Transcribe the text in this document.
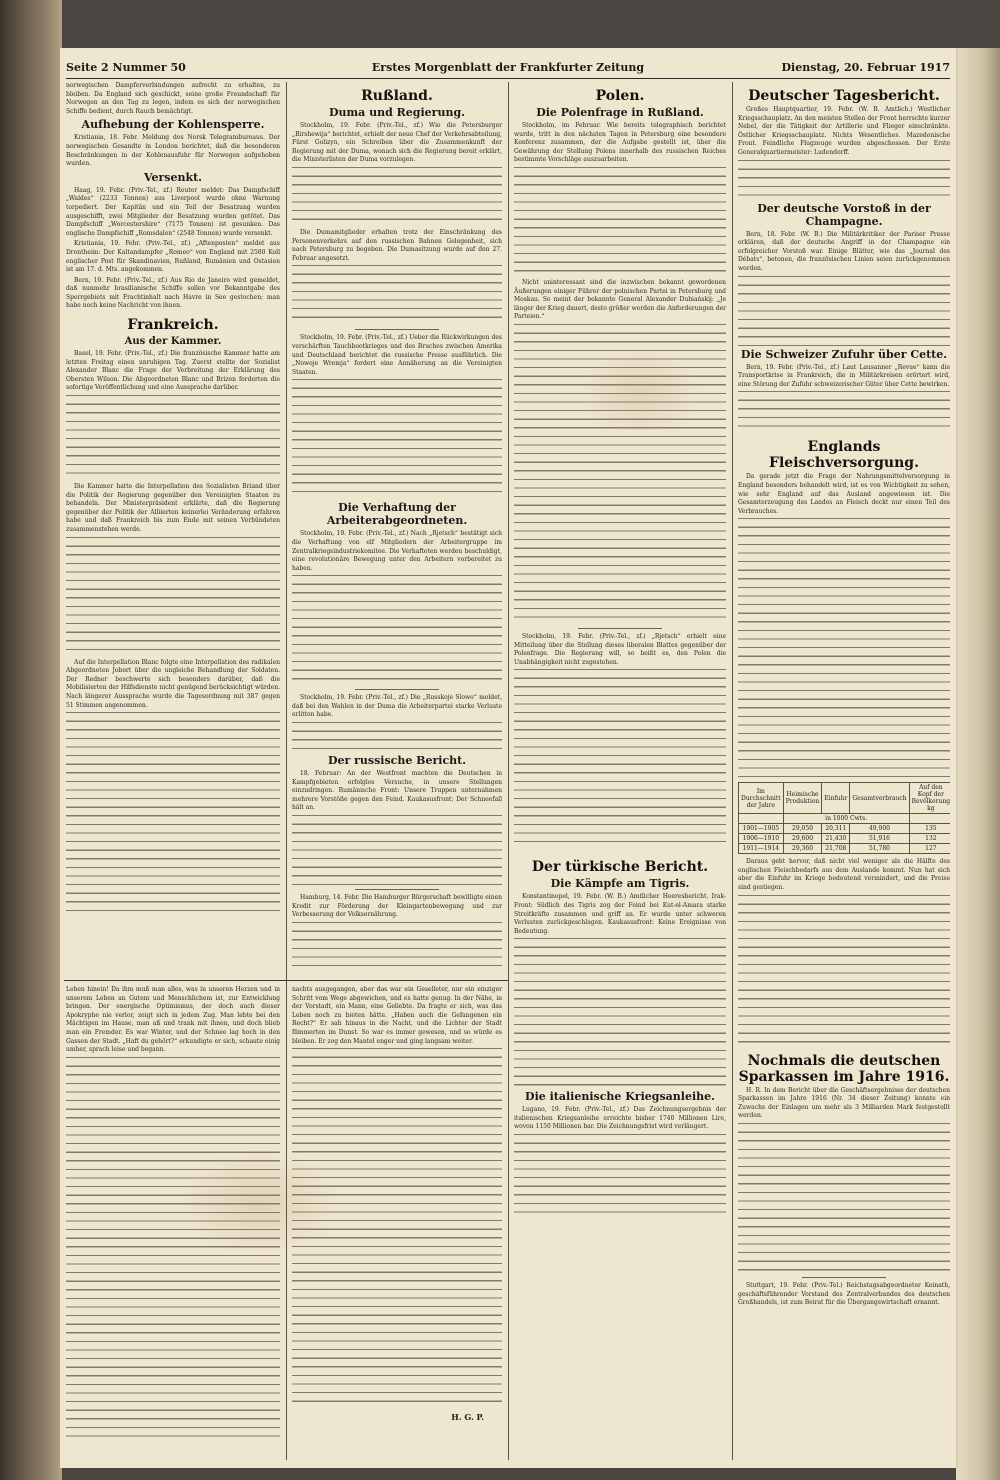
Seite 2 Nummer 50	Erstes Morgenblatt der Frankfurter Zeitung	Dienstag, 20. Februar 1917

norwegischen Dampferverbindungen aufrecht zu erhalten, zu bleiben. Da England sich geschickt, seine große Freundschaft für Norwegen an den Tag zu legen, indem es sich der norwegischen Schiffe bedient, durch Rauch bemächtigt.

Aufhebung der Kohlensperre.

Kristiania, 18. Febr. Meldung des Norsk Telegrambureaus. Der norwegischen Gesandte in London berichtet, daß die besonderen Beschränkungen in der Kohlenausfuhr für Norwegen aufgehoben wurden.

Versenkt.

Haag, 19. Febr. (Priv.-Tel., zf.) Reuter meldet: Das Dampfschiff „Waldes“ (2233 Tonnen) aus Liverpool wurde ohne Warnung torpediert. Der Kapitän und ein Teil der Besatzung wurden ausgeschifft, zwei Mitglieder der Besatzung wurden getötet. Das Dampfschiff „Worcestershire“ (7175 Tonnen) ist gesunken. Das englische Dampfschiff „Romsdalen“ (2548 Tonnen) wurde versenkt.

Kristiania, 19. Febr. (Priv.-Tel., zf.) „Aftenposten“ meldet aus Drontheim: Der Kaltandampfer „Romeo“ von England mit 2580 Koll englischer Post für Skandinavien, Rußland, Rumänien und Ostasien ist am 17. d. Mts. angekommen.

Bern, 19. Febr. (Priv.-Tel., zf.) Aus Rio de Janeiro wird gemeldet, daß nunmehr brasilianische Schiffe sollen vor Bekanntgabe des Sperrgebiets mit Frachtinhalt nach Havre in See gestochen; man habe noch keine Nachricht von ihnen.

Frankreich.
Aus der Kammer.

Basel, 19. Febr. (Priv.-Tel., zf.) Die französische Kammer hatte am letzten Freitag einen unruhigen Tag. Zuerst stellte der Sozialist Alexander Blanc die Frage der Verbreitung der Erklärung des Obersten Wilson. Die Abgeordneten Blanc und Brizon forderten die sofortige Veröffentlichung und eine Aussprache darüber.

Die Kammer hatte die Interpellation des Sozialisten Briand über die Politik der Regierung gegenüber den Vereinigten Staaten zu behandeln. Der Ministerpräsident erklärte, daß die Regierung gegenüber der Politik der Alliierten keinerlei Veränderung erfahren habe und daß Frankreich bis zum Ende mit seinen Verbündeten zusammenstehen werde.

Auf die Interpellation Blanc folgte eine Interpellation des radikalen Abgeordneten Jobert über die ungleiche Behandlung der Soldaten. Der Redner beschwerte sich besonders darüber, daß die Mobilisierten der Hilfsdienste nicht genügend berücksichtigt würden. Nach längerer Aussprache wurde die Tagesordnung mit 387 gegen 51 Stimmen angenommen.

Rußland.
Duma und Regierung.

Stockholm, 19. Febr. (Priv.-Tel., zf.) Wie die Petersburger „Birshewija“ berichtet, erhielt der neue Chef der Verkehrsabteilung, Fürst Golizyn, ein Schreiben über die Zusammenkunft der Regierung mit der Duma, wonach sich die Regierung bereit erklärt, die Ministerlisten der Duma vorzulegen.

Die Dumamitglieder erhalten trotz der Einschränkung des Personenverkehrs auf den russischen Bahnen Gelegenheit, sich nach Petersburg zu begeben. Die Dumasitzung wurde auf den 27. Februar angesetzt.

Stockholm, 19. Febr. (Priv.-Tel., zf.) Ueber die Rückwirkungen des verschärften Tauchbootkrieges und des Bruches zwischen Amerika und Deutschland berichtet die russische Presse ausführlich. Die „Nowoje Wremja“ fordert eine Annäherung an die Vereinigten Staaten.

Die Verhaftung der Arbeiterabgeordneten.

Stockholm, 19. Febr. (Priv.-Tel., zf.) Nach „Rjetsch“ bestätigt sich die Verhaftung von elf Mitgliedern der Arbeitergruppe im Zentralkriegsindustriekomitee. Die Verhafteten werden beschuldigt, eine revolutionäre Bewegung unter den Arbeitern vorbereitet zu haben.

Stockholm, 19. Febr. (Priv.-Tel., zf.) Die „Russkoje Slowo“ meldet, daß bei den Wahlen in der Duma die Arbeiterpartei starke Verluste erlitten habe.

Der russische Bericht.

18. Februar: An der Westfront machten die Deutschen in Kampfgebieten erfolglos Versuche, in unsere Stellungen einzudringen. Rumänische Front: Unsere Truppen unternahmen mehrere Vorstöße gegen den Feind. Kaukasusfront: Der Schneefall hält an.

Hamburg, 14. Febr. Die Hamburger Bürgerschaft bewilligte einen Kredit zur Förderung der Kleingartenbewegung und zur Verbesserung der Volksernährung.

Leben hinein! Da ihm muß man alles, was in unseren Herzen und in unserem Leben an Gutem und Menschlichem ist, zur Entwicklung bringen. Der energische Optimismus, der doch auch dieser Apokryphe nie verlor, zeigt sich in jedem Zug. Man lebte bei den Mächtigen im Hause, man aß und trank mit ihnen, und doch blieb man ein Fremder. Es war Winter, und der Schnee lag hoch in den Gassen der Stadt. „Haft du gehört?“ erkundigte er sich, schaute einig umher, sprach leise und begann.

nachts ausgegangen, aber das war ein Geselleter, nur ein einziger Schritt vom Wege abgewichen, und es hatte genug. In der Nähe, in der Vorstadt, ein Mann, eine Geliebte. Da fragte er sich, was das Leben noch zu bieten hätte. „Haben auch die Gefangenen ein Recht?“ Er sah hinaus in die Nacht, und die Lichter der Stadt flimmerten im Dunst. So war es immer gewesen, und so würde es bleiben. Er zog den Mantel enger und ging langsam weiter.

H. G. P.
Polen.
Die Polenfrage in Rußland.

Stockholm, im Februar. Wie bereits telegraphisch berichtet wurde, tritt in den nächsten Tagen in Petersburg eine besondere Konferenz zusammen, der die Aufgabe gestellt ist, über die Gewährung der Stellung Polens innerhalb des russischen Reiches bestimmte Vorschläge auszuarbeiten.

Nicht uninteressant sind die inzwischen bekannt gewordenen Äußerungen einiger Führer der polnischen Partei in Petersburg und Moskau. So meint der bekannte General Alexander Dubiańskij: „Je länger der Krieg dauert, desto größer werden die Anforderungen der Parteien.“

Stockholm, 19. Febr. (Priv.-Tel., zf.) „Rjetsch“ erhielt eine Mitteilung über die Stellung dieses liberalen Blattes gegenüber der Polenfrage. Die Regierung will, so heißt es, den Polen die Unabhängigkeit nicht zugestehen.

Der türkische Bericht.
Die Kämpfe am Tigris.

Konstantinopel, 19. Febr. (W. B.) Amtlicher Heeresbericht. Irak-Front: Südlich des Tigris zog der Feind bei Kut-el-Amara starke Streitkräfte zusammen und griff an. Er wurde unter schweren Verlusten zurückgeschlagen. Kaukasusfront: Keine Ereignisse von Bedeutung.

Die italienische Kriegsanleihe.

Lugano, 19. Febr. (Priv.-Tel., zf.) Das Zeichnungsergebnis der italienischen Kriegsanleihe erreichte bisher 1740 Millionen Lire, wovon 1150 Millionen bar. Die Zeichnungsfrist wird verlängert.

Deutscher Tagesbericht.

Großes Hauptquartier, 19. Febr. (W. B. Amtlich.) Westlicher Kriegsschauplatz. An den meisten Stellen der Front herrschte kurzer Nebel, der die Tätigkeit der Artillerie und Flieger einschränkte. Östlicher Kriegsschauplatz. Nichts Wesentliches. Mazedonische Front. Feindliche Flugzeuge wurden abgeschossen. Der Erste Generalquartiermeister: Ludendorff.

Der deutsche Vorstoß in der Champagne.

Bern, 18. Febr. (W. B.) Die Militärkritiker der Pariser Presse erklären, daß der deutsche Angriff in der Champagne ein erfolgreicher Vorstoß war. Einige Blätter, wie das „Journal des Débats“, betonen, die französischen Linien seien zurückgenommen worden.

Die Schweizer Zufuhr über Cette.

Bern, 19. Febr. (Priv.-Tel., zf.) Laut Lausanner „Revue“ kann die Transportkrise in Frankreich, die in Militärkreisen erörtert wird, eine Störung der Zufuhr schweizerischer Güter über Cette bewirken.

Englands Fleischversorgung.

Da gerade jetzt die Frage der Nahrungsmittelversorgung in England besonders behandelt wird, ist es von Wichtigkeit zu sehen, wie sehr England auf das Ausland angewiesen ist. Die Gesamterzeugung des Landes an Fleisch deckt nur einen Teil des Verbrauches.

Im Durchschnitt der Jahre	Heimische Produktion	Einfuhr	Gesamtverbrauch	Auf den Kopf der Bevölkerung kg
	in 1000 Cwts.			
1901—1905	29,050	20,311	49,900	135
1906—1910	29,600	21,430	51,916	132
1911—1914	29,360	21,708	51,780	127

Daraus geht hervor, daß nicht viel weniger als die Hälfte des englischen Fleischbedarfs aus dem Auslande kommt. Nun hat sich aber die Einfuhr im Kriege bedeutend vermindert, und die Preise sind gestiegen.

Nochmals die deutschen Sparkassen im Jahre 1916.

H. R. In dem Bericht über die Geschäftsergebnisse der deutschen Sparkassen im Jahre 1916 (Nr. 34 dieser Zeitung) konnte ein Zuwachs der Einlagen um mehr als 3 Milliarden Mark festgestellt werden.

Stuttgart, 19. Febr. (Priv.-Tel.) Reichstagsabgeordneter Keinath, geschäftsführender Vorstand des Zentralverbandes des deutschen Großhandels, ist zum Beirat für die Übergangswirtschaft ernannt.
